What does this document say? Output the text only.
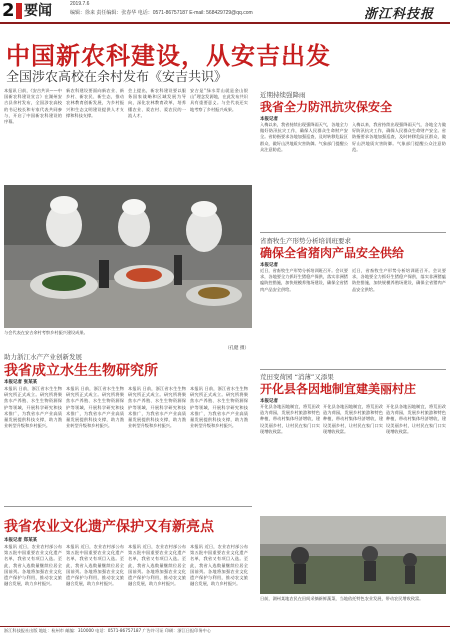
2 要闻	2019.7.6
编辑：徐来 责任编辑：张春华 电话：0571-86757187 E-mail: 568429729@qq.com	浙江科技报
中国新农科建设，从安吉出发
全国涉农高校在余村发布《安吉共识》
本报讯 日前，《安吉共识——中国新农科建设宣言》在湖州安吉县余村发布，全国涉农高校的书记校长和专家代表共同参与，开启了中国新农科建设的序幕。
新农科建设要面向新农业、新乡村、新农民、新生态，推动农林教育创新发展，为乡村振兴和生态文明建设提供人才支撑和科技支撑。
会上提出，新农科建设要以服务国家战略和区域发展为导向，深化农林教育改革，培养懂农业、爱农村、爱农民的一流人才。
安吉是“绿水青山就是金山银山”理念发源地，在此发布共识具有重要意义。与会代表还实地考察了乡村振兴成果。
与会代表在安吉余村考察乡村振兴建设成果。
（孔健 摄）
近期持续强降雨
我省全力防汛抗灾保安全
本报记者
入梅以来，我省持续出现强降雨天气，各地全力做好防汛抗灾工作，确保人民群众生命财产安全。省防指要求各地加强巡查，及时转移危险区群众，做好山洪地质灾害防御。气象部门提醒公众注意防范。
入梅以来，我省持续出现强降雨天气，各地全力做好防汛抗灾工作，确保人民群众生命财产安全。省防指要求各地加强巡查，及时转移危险区群众，做好山洪地质灾害防御。气象部门提醒公众注意防范。
省畜牧生产形势分析培训班要求
确保全省猪肉产品安全供给
本报记者
近日，省畜牧生产形势分析培训班召开。会议要求，各地要全力抓好生猪稳产保供，落实非洲猪瘟防控措施，加快规模养殖场建设，确保全省猪肉产品安全供给。
近日，省畜牧生产形势分析培训班召开。会议要求，各地要全力抓好生猪稳产保供，落实非洲猪瘟防控措施，加快规模养殖场建设，确保全省猪肉产品安全供给。
荒田变荷园 “消薄”又添果
开化县各因地制宜建美丽村庄
本报记者
开化县各地因地制宜，将荒田改造为荷园，发展乡村旅游和特色种植，带动村集体经济增收，建设美丽乡村，让村民在家门口实现增收致富。
开化县各地因地制宜，将荒田改造为荷园，发展乡村旅游和特色种植，带动村集体经济增收，建设美丽乡村，让村民在家门口实现增收致富。
开化县各地因地制宜，将荒田改造为荷园，发展乡村旅游和特色种植，带动村集体经济增收，建设美丽乡村，让村民在家门口实现增收致富。
助力浙江水产产业创新发展
我省成立水生生物研究所
本报记者 张某某
本报讯 日前，浙江省水生生物研究所正式成立。研究所将聚焦水产养殖、水生生物资源保护等领域，开展科学研究和技术推广，为我省水产产业高质量发展提供科技支撑，助力渔业转型升级和乡村振兴。
本报讯 日前，浙江省水生生物研究所正式成立。研究所将聚焦水产养殖、水生生物资源保护等领域，开展科学研究和技术推广，为我省水产产业高质量发展提供科技支撑，助力渔业转型升级和乡村振兴。
本报讯 日前，浙江省水生生物研究所正式成立。研究所将聚焦水产养殖、水生生物资源保护等领域，开展科学研究和技术推广，为我省水产产业高质量发展提供科技支撑，助力渔业转型升级和乡村振兴。
本报讯 日前，浙江省水生生物研究所正式成立。研究所将聚焦水产养殖、水生生物资源保护等领域，开展科学研究和技术推广，为我省水产产业高质量发展提供科技支撑，助力渔业转型升级和乡村振兴。
我省农业文化遗产保护又有新亮点
本报记者 郑某某
本报讯 近日，农业农村部公布第五批中国重要农业文化遗产名单，我省又有项目入选。至此，我省入选数量继续位居全国前列。各地将加强农业文化遗产保护与利用，推动农文旅融合发展，助力乡村振兴。
本报讯 近日，农业农村部公布第五批中国重要农业文化遗产名单，我省又有项目入选。至此，我省入选数量继续位居全国前列。各地将加强农业文化遗产保护与利用，推动农文旅融合发展，助力乡村振兴。
本报讯 近日，农业农村部公布第五批中国重要农业文化遗产名单，我省又有项目入选。至此，我省入选数量继续位居全国前列。各地将加强农业文化遗产保护与利用，推动农文旅融合发展，助力乡村振兴。
本报讯 近日，农业农村部公布第五批中国重要农业文化遗产名单，我省又有项目入选。至此，我省入选数量继续位居全国前列。各地将加强农业文化遗产保护与利用，推动农文旅融合发展，助力乡村振兴。
日前，湖州某地农民在田间采摘新鲜蔬菜，当地依托特色农业发展，带动农民增收致富。
浙江科技报社出版 地址：杭州市 邮编：310000 电话：0571-86757187 广告许可证 印刷：浙江日报印务中心
